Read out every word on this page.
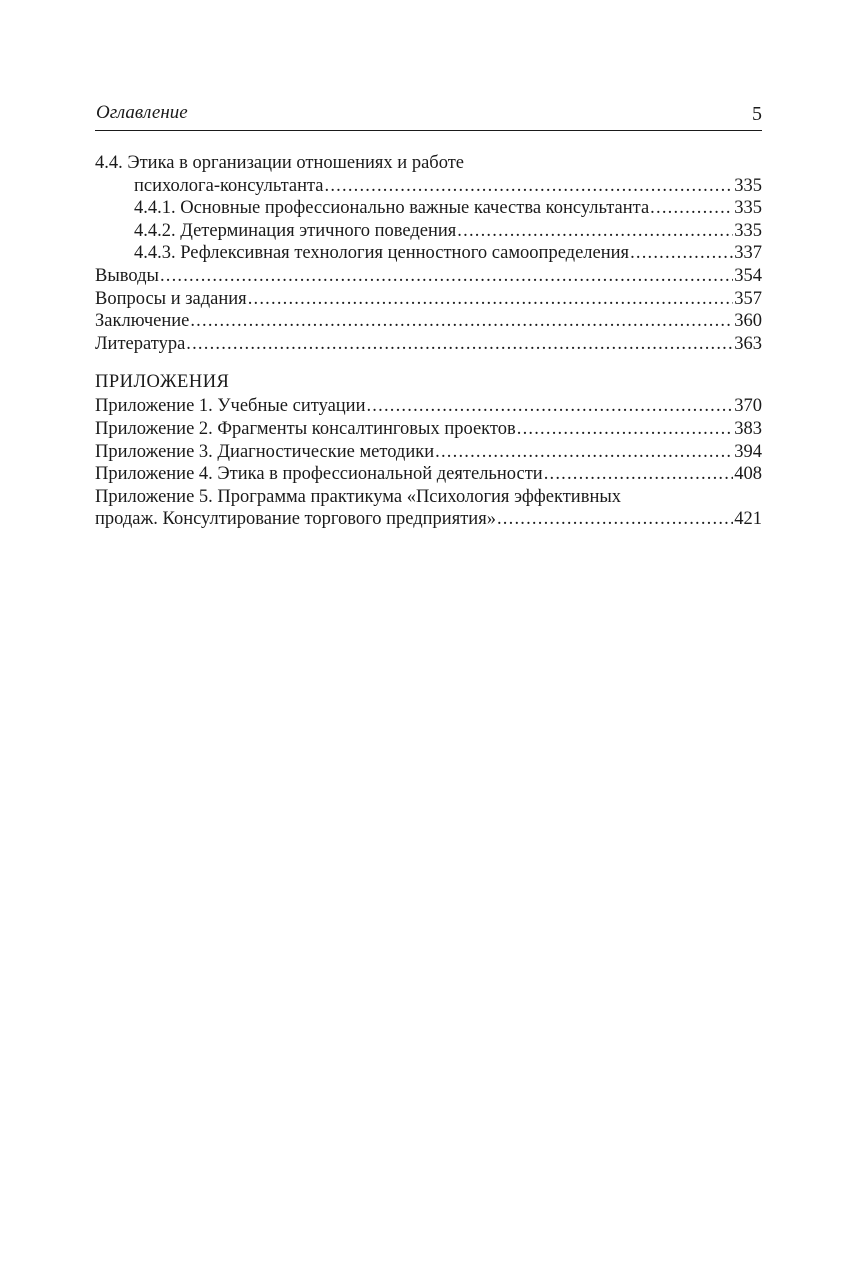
Оглавление	5
4.4. Этика в организации отношениях и работе
психолога-консультанта .....	335
4.4.1. Основные профессионально важные качества консультанта .....	335
4.4.2. Детерминация этичного поведения .....	335
4.4.3. Рефлексивная технология ценностного самоопределения .....	337
Выводы .....	354
Вопросы и задания .....	357
Заключение .....	360
Литература .....	363
ПРИЛОЖЕНИЯ
Приложение 1. Учебные ситуации .....	370
Приложение 2. Фрагменты консалтинговых проектов .....	383
Приложение 3. Диагностические методики .....	394
Приложение 4. Этика в профессиональной деятельности .....	408
Приложение 5. Программа практикума «Психология эффективных
продаж. Консултирование торгового предприятия» .....	421
